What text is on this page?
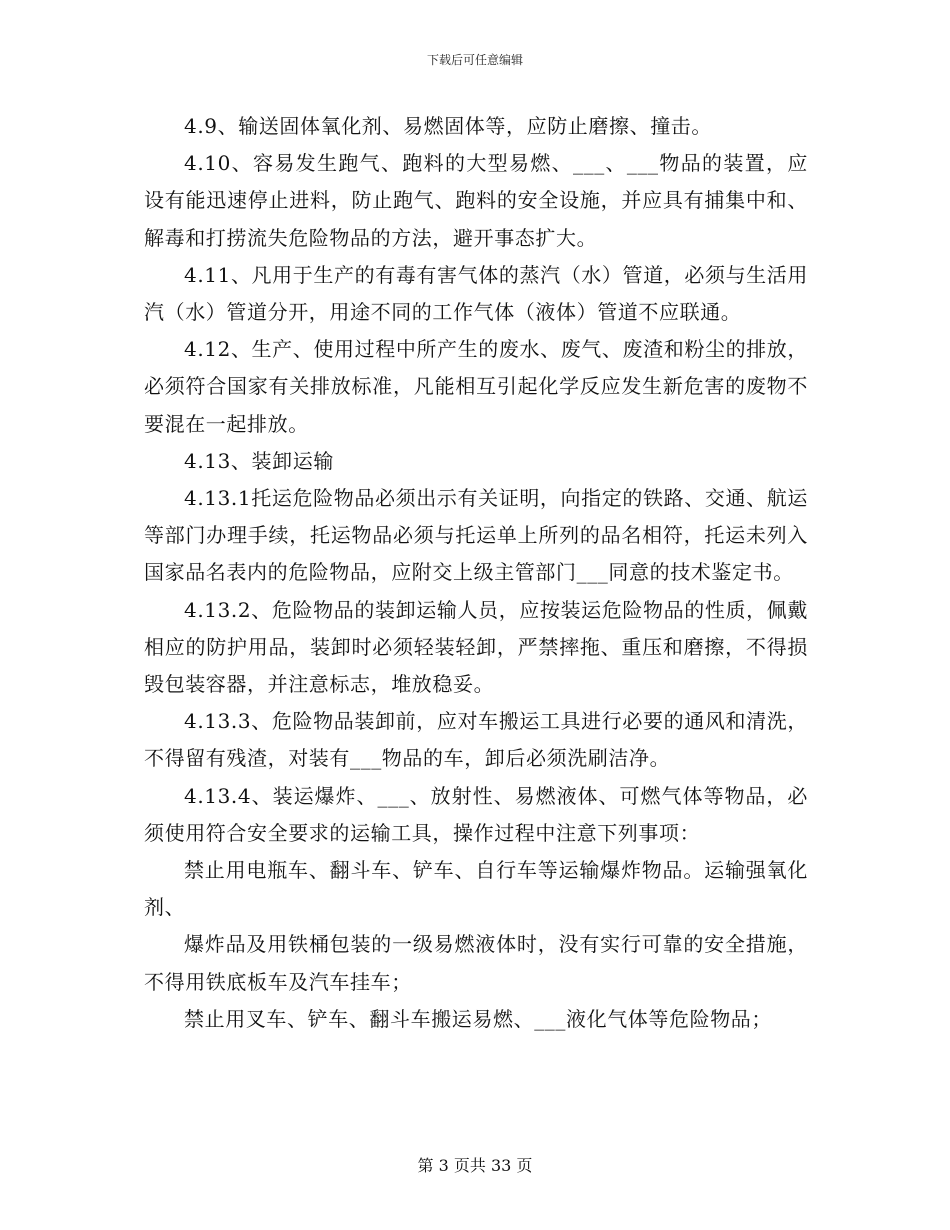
下载后可任意编辑

4.9、输送固体氧化剂、易燃固体等，应防止磨擦、撞击。

4.10、容易发生跑气、跑料的大型易燃、___、___物品的装置，应设有能迅速停止进料，防止跑气、跑料的安全设施，并应具有捕集中和、解毒和打捞流失危险物品的方法，避开事态扩大。

4.11、凡用于生产的有毒有害气体的蒸汽（水）管道，必须与生活用汽（水）管道分开，用途不同的工作气体（液体）管道不应联通。

4.12、生产、使用过程中所产生的废水、废气、废渣和粉尘的排放，必须符合国家有关排放标准，凡能相互引起化学反应发生新危害的废物不要混在一起排放。

4.13、装卸运输

4.13.1托运危险物品必须出示有关证明，向指定的铁路、交通、航运等部门办理手续，托运物品必须与托运单上所列的品名相符，托运未列入国家品名表内的危险物品，应附交上级主管部门___同意的技术鉴定书。

4.13.2、危险物品的装卸运输人员，应按装运危险物品的性质，佩戴相应的防护用品，装卸时必须轻装轻卸，严禁摔拖、重压和磨擦，不得损毁包装容器，并注意标志，堆放稳妥。

4.13.3、危险物品装卸前，应对车搬运工具进行必要的通风和清洗，不得留有残渣，对装有___物品的车，卸后必须洗刷洁净。

4.13.4、装运爆炸、___、放射性、易燃液体、可燃气体等物品，必须使用符合安全要求的运输工具，操作过程中注意下列事项：

禁止用电瓶车、翻斗车、铲车、自行车等运输爆炸物品。运输强氧化剂、

爆炸品及用铁桶包装的一级易燃液体时，没有实行可靠的安全措施，不得用铁底板车及汽车挂车；

禁止用叉车、铲车、翻斗车搬运易燃、___液化气体等危险物品；

第 3 页共 33 页
